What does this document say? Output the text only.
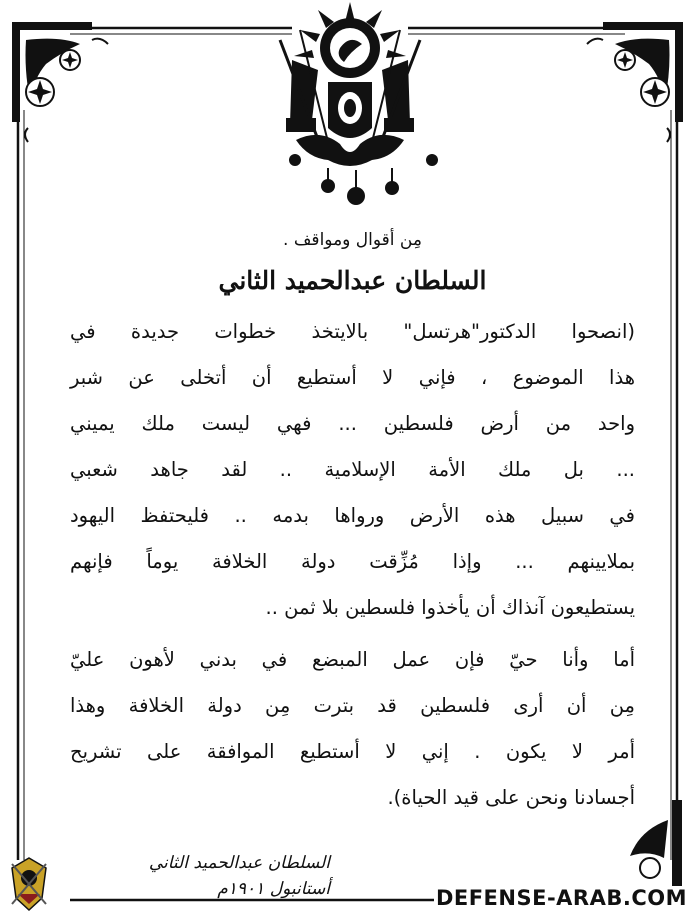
مِن أقوال ومواقف .
السلطان عبدالحميد الثاني
(انصحوا الدكتور"هرتسل" بالايتخذ خطوات جديدة في
هذا الموضوع ، فإني لا أستطيع أن أتخلى عن شبر
واحد من أرض فلسطين ... فهي ليست ملك يميني
... بل ملك الأمة الإسلامية .. لقد جاهد شعبي
في سبيل هذه الأرض ورواها بدمه .. فليحتفظ اليهود
بملايينهم ... وإذا مُزِّقت دولة الخلافة يوماً فإنهم
يستطيعون آنذاك أن يأخذوا فلسطين بلا ثمن ..
أما وأنا حيّ فإن عمل المبضع في بدني لأهون عليّ
مِن أن أرى فلسطين قد بترت مِن دولة الخلافة وهذا
أمر لا يكون . إني لا أستطيع الموافقة على تشريح
أجسادنا ونحن على قيد الحياة).
السلطان عبدالحميد الثاني
أستانبول ١٩٠١م	DEFENSE-ARAB.COM
